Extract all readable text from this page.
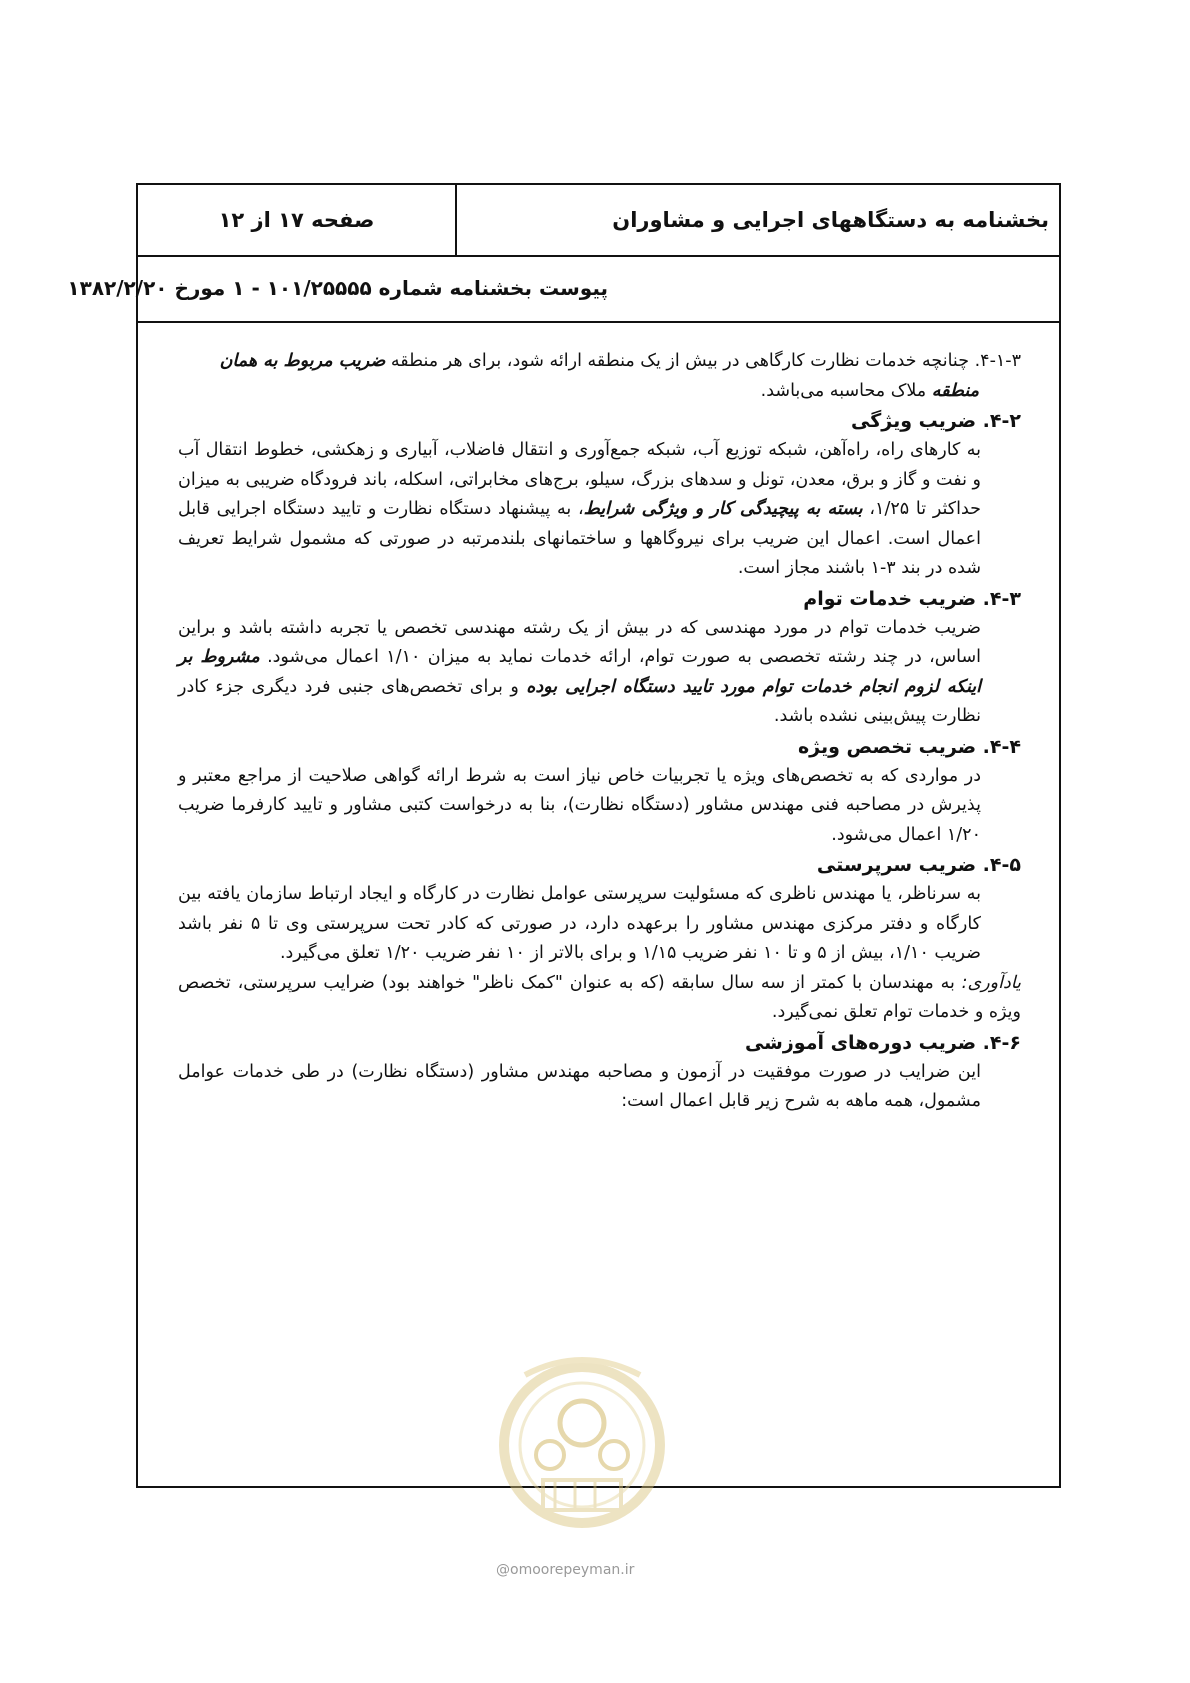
بخشنامه به دستگاههای اجرایی و مشاوران
صفحه ۱۷ از ۱۲
پیوست بخشنامه شماره ۱۰۱/۲۵۵۵۵ - ۱ مورخ ۱۳۸۲/۲/۲۰

۴-۱-۳. چنانچه خدمات نظارت کارگاهی در بیش از یک منطقه ارائه شود، برای هر منطقه ضریب مربوط به همان

منطقه ملاک محاسبه می‌باشد.

۴-۲. ضریب ویژگی

به کارهای راه، راه‌آهن، شبکه توزیع آب، شبکه جمع‌آوری و انتقال فاضلاب، آبیاری و زهکشی، خطوط انتقال آب و نفت و گاز و برق، معدن، تونل و سدهای بزرگ، سیلو، برج‌های مخابراتی، اسکله، باند فرودگاه ضریبی به میزان حداکثر تا ۱/۲۵، بسته به پیچیدگی کار و ویژگی شرایط، به پیشنهاد دستگاه نظارت و تایید دستگاه اجرایی قابل اعمال است. اعمال این ضریب برای نیروگاهها و ساختمانهای بلندمرتبه در صورتی که مشمول شرایط تعریف شده در بند ۳-۱ باشند مجاز است.

۴-۳. ضریب خدمات توام

ضریب خدمات توام در مورد مهندسی که در بیش از یک رشته مهندسی تخصص یا تجربه داشته باشد و براین اساس، در چند رشته تخصصی به صورت توام، ارائه خدمات نماید به میزان ۱/۱۰ اعمال می‌شود. مشروط بر اینکه لزوم انجام خدمات توام مورد تایید دستگاه اجرایی بوده و برای تخصص‌های جنبی فرد دیگری جزء کادر نظارت پیش‌بینی نشده باشد.

۴-۴. ضریب تخصص ویژه

در مواردی که به تخصص‌های ویژه یا تجربیات خاص نیاز است به شرط ارائه گواهی صلاحیت از مراجع معتبر و پذیرش در مصاحبه فنی مهندس مشاور (دستگاه نظارت)، بنا به درخواست کتبی مشاور و تایید کارفرما ضریب ۱/۲۰ اعمال می‌شود.

۴-۵. ضریب سرپرستی

به سرناظر، یا مهندس ناظری که مسئولیت سرپرستی عوامل نظارت در کارگاه و ایجاد ارتباط سازمان یافته بین کارگاه و دفتر مرکزی مهندس مشاور را برعهده دارد، در صورتی که کادر تحت سرپرستی وی تا ۵ نفر باشد ضریب ۱/۱۰، بیش از ۵ و تا ۱۰ نفر ضریب ۱/۱۵ و برای بالاتر از ۱۰ نفر ضریب ۱/۲۰ تعلق می‌گیرد.

یادآوری: به مهندسان با کمتر از سه سال سابقه (که به عنوان "کمک ناظر" خواهند بود) ضرایب سرپرستی، تخصص ویژه و خدمات توام تعلق نمی‌گیرد.

۴-۶. ضریب دوره‌های آموزشی

این ضرایب در صورت موفقیت در آزمون و مصاحبه مهندس مشاور (دستگاه نظارت) در طی خدمات عوامل مشمول، همه ماهه به شرح زیر قابل اعمال است:

@omoorepeyman.ir
